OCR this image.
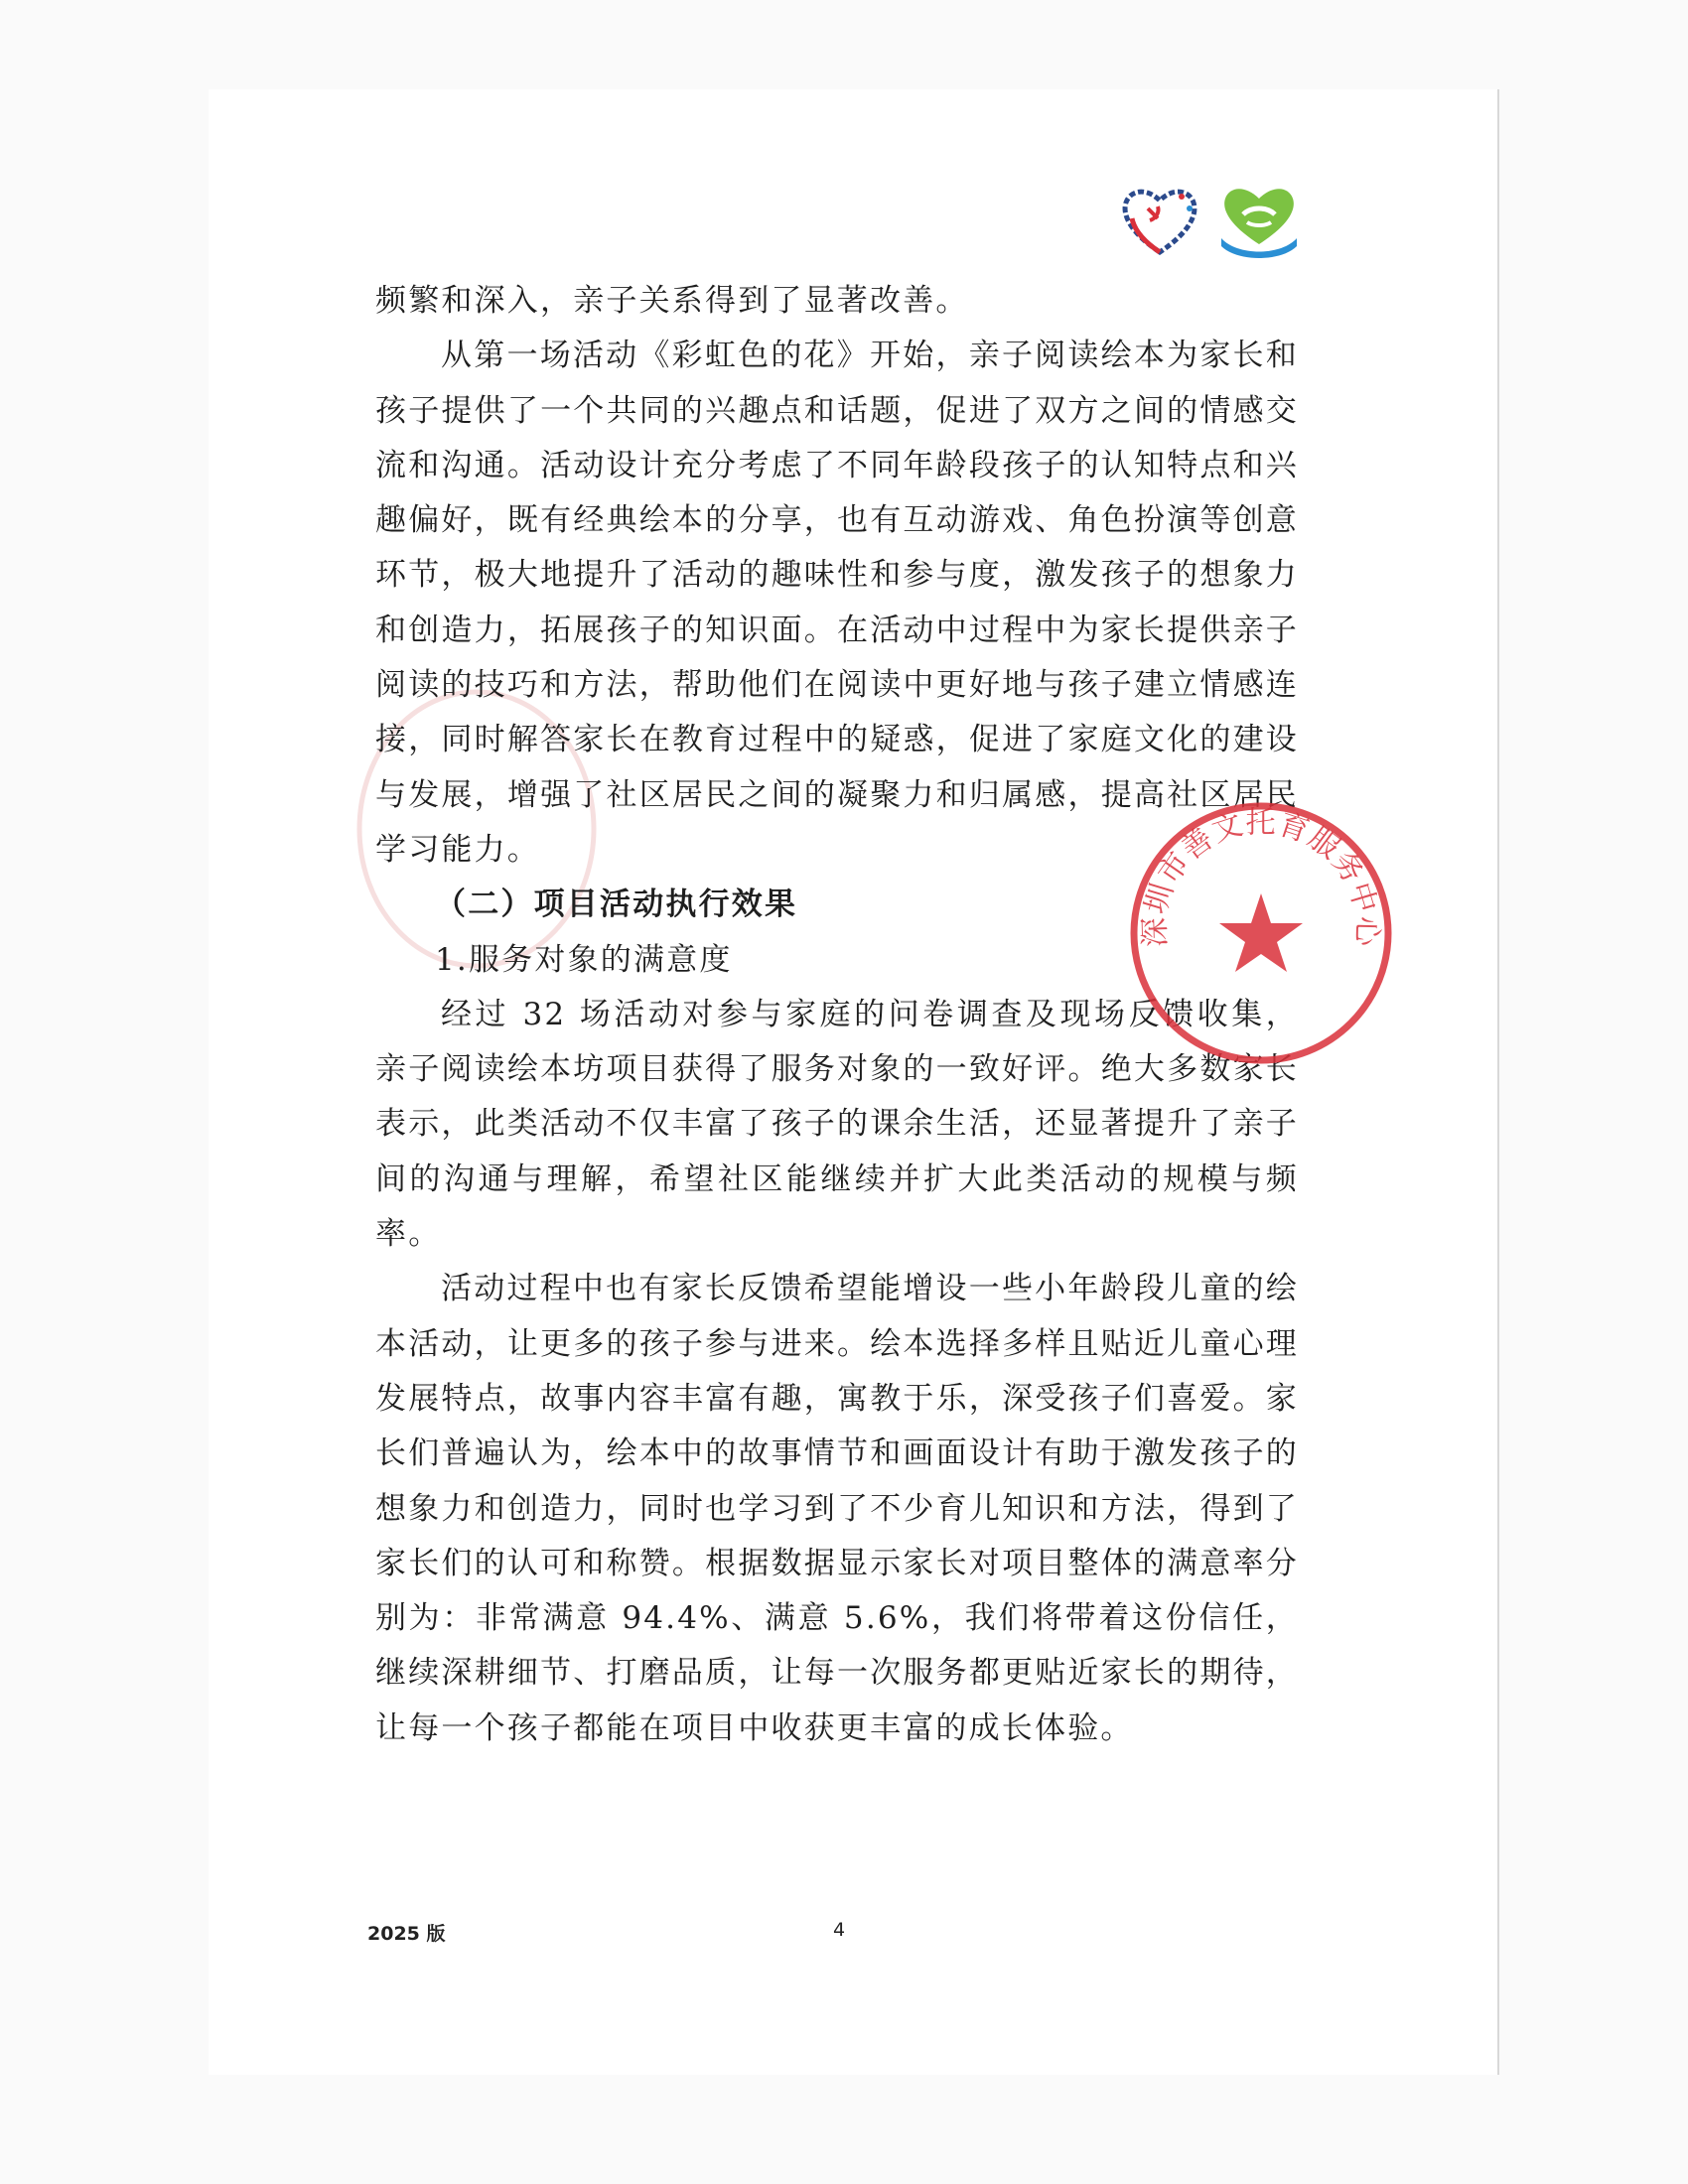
频繁和深入，亲子关系得到了显著改善。

从第一场活动《彩虹色的花》开始，亲子阅读绘本为家长和孩子提供了一个共同的兴趣点和话题，促进了双方之间的情感交流和沟通。活动设计充分考虑了不同年龄段孩子的认知特点和兴趣偏好，既有经典绘本的分享，也有互动游戏、角色扮演等创意环节，极大地提升了活动的趣味性和参与度，激发孩子的想象力和创造力，拓展孩子的知识面。在活动中过程中为家长提供亲子阅读的技巧和方法，帮助他们在阅读中更好地与孩子建立情感连接，同时解答家长在教育过程中的疑惑，促进了家庭文化的建设与发展，增强了社区居民之间的凝聚力和归属感，提高社区居民学习能力。

（二）项目活动执行效果

1.服务对象的满意度

经过 32 场活动对参与家庭的问卷调查及现场反馈收集，亲子阅读绘本坊项目获得了服务对象的一致好评。绝大多数家长表示，此类活动不仅丰富了孩子的课余生活，还显著提升了亲子间的沟通与理解，希望社区能继续并扩大此类活动的规模与频率。

活动过程中也有家长反馈希望能增设一些小年龄段儿童的绘本活动，让更多的孩子参与进来。绘本选择多样且贴近儿童心理发展特点，故事内容丰富有趣，寓教于乐，深受孩子们喜爱。家长们普遍认为，绘本中的故事情节和画面设计有助于激发孩子的想象力和创造力，同时也学习到了不少育儿知识和方法，得到了家长们的认可和称赞。根据数据显示家长对项目整体的满意率分别为：非常满意 94.4%、满意 5.6%，我们将带着这份信任，继续深耕细节、打磨品质，让每一次服务都更贴近家长的期待，让每一个孩子都能在项目中收获更丰富的成长体验。

深圳市善文托育服务中心
2025 版	4
